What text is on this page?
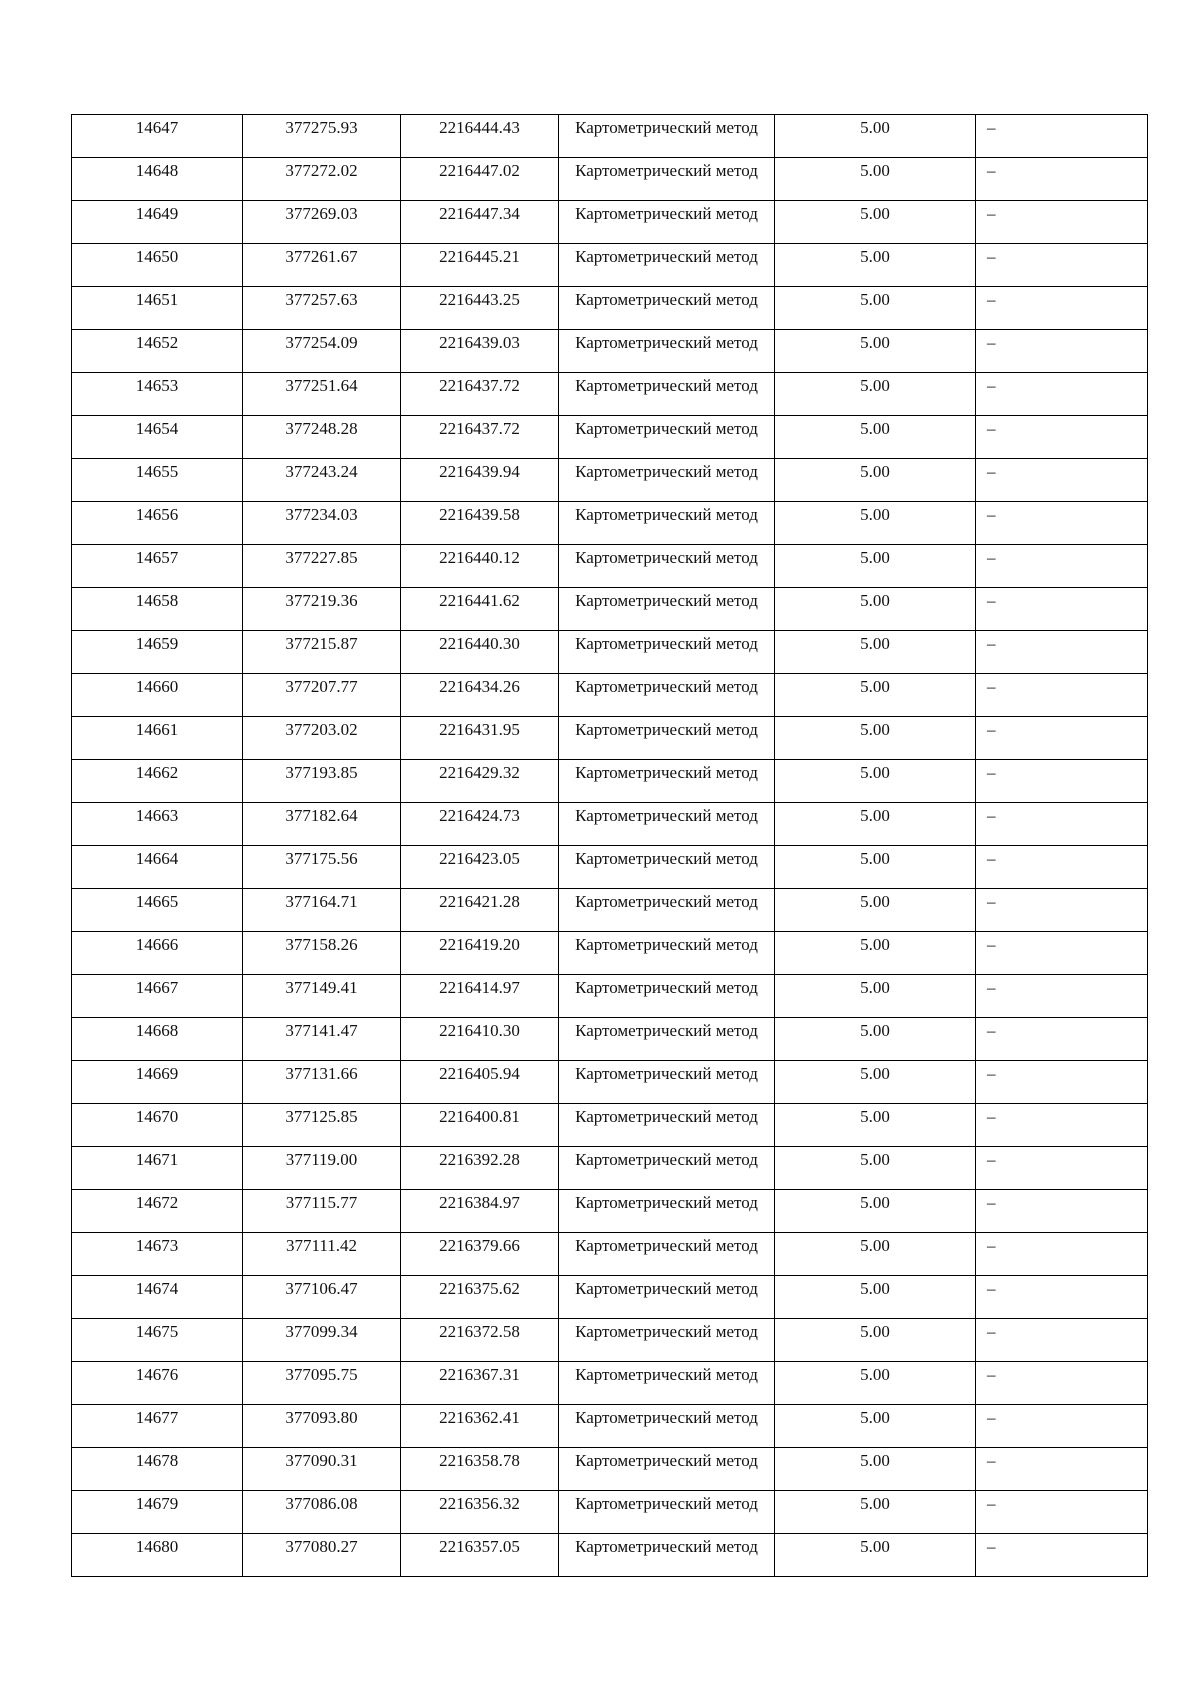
14647	377275.93	2216444.43	Картометрический метод	5.00	–

14648	377272.02	2216447.02	Картометрический метод	5.00	–

14649	377269.03	2216447.34	Картометрический метод	5.00	–

14650	377261.67	2216445.21	Картометрический метод	5.00	–

14651	377257.63	2216443.25	Картометрический метод	5.00	–

14652	377254.09	2216439.03	Картометрический метод	5.00	–

14653	377251.64	2216437.72	Картометрический метод	5.00	–

14654	377248.28	2216437.72	Картометрический метод	5.00	–

14655	377243.24	2216439.94	Картометрический метод	5.00	–

14656	377234.03	2216439.58	Картометрический метод	5.00	–

14657	377227.85	2216440.12	Картометрический метод	5.00	–

14658	377219.36	2216441.62	Картометрический метод	5.00	–

14659	377215.87	2216440.30	Картометрический метод	5.00	–

14660	377207.77	2216434.26	Картометрический метод	5.00	–

14661	377203.02	2216431.95	Картометрический метод	5.00	–

14662	377193.85	2216429.32	Картометрический метод	5.00	–

14663	377182.64	2216424.73	Картометрический метод	5.00	–

14664	377175.56	2216423.05	Картометрический метод	5.00	–

14665	377164.71	2216421.28	Картометрический метод	5.00	–

14666	377158.26	2216419.20	Картометрический метод	5.00	–

14667	377149.41	2216414.97	Картометрический метод	5.00	–

14668	377141.47	2216410.30	Картометрический метод	5.00	–

14669	377131.66	2216405.94	Картометрический метод	5.00	–

14670	377125.85	2216400.81	Картометрический метод	5.00	–

14671	377119.00	2216392.28	Картометрический метод	5.00	–

14672	377115.77	2216384.97	Картометрический метод	5.00	–

14673	377111.42	2216379.66	Картометрический метод	5.00	–

14674	377106.47	2216375.62	Картометрический метод	5.00	–

14675	377099.34	2216372.58	Картометрический метод	5.00	–

14676	377095.75	2216367.31	Картометрический метод	5.00	–

14677	377093.80	2216362.41	Картометрический метод	5.00	–

14678	377090.31	2216358.78	Картометрический метод	5.00	–

14679	377086.08	2216356.32	Картометрический метод	5.00	–

14680	377080.27	2216357.05	Картометрический метод	5.00	–
